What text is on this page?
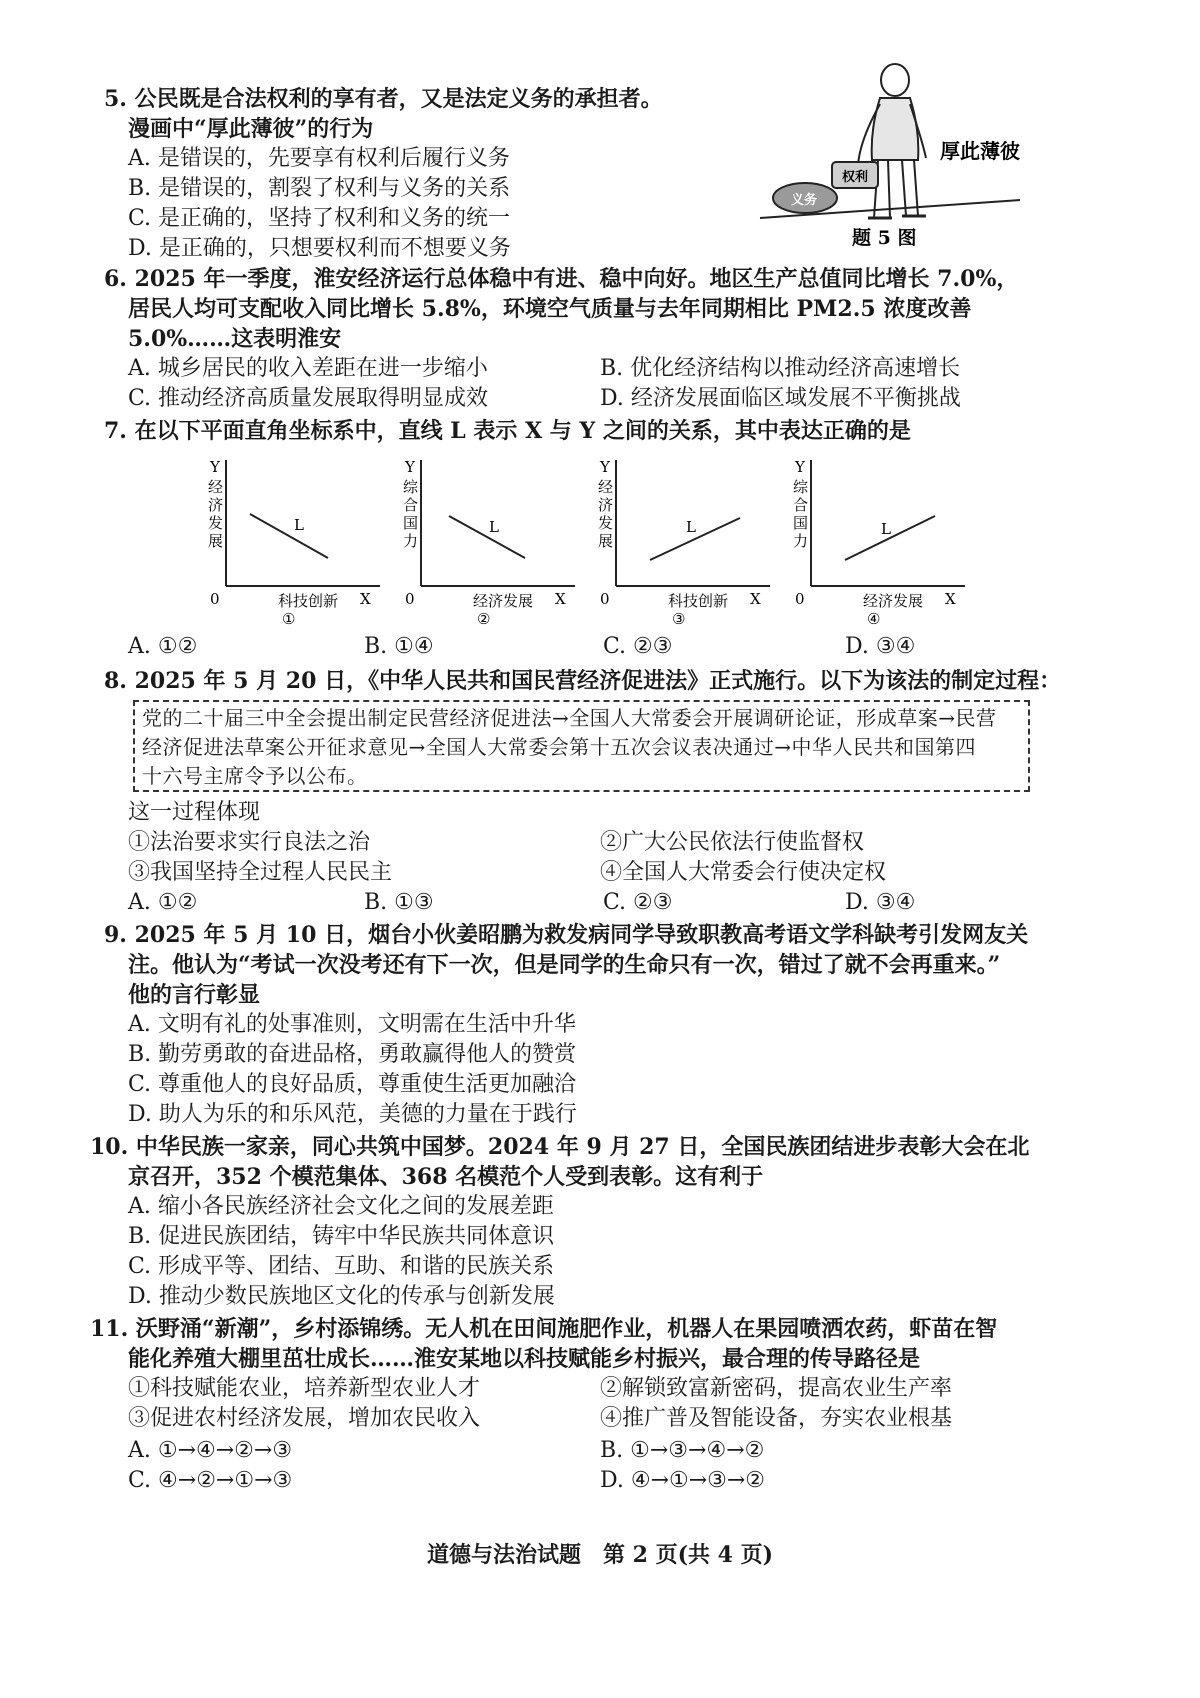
5. 公民既是合法权利的享有者，又是法定义务的承担者。
漫画中“厚此薄彼”的行为
A. 是错误的，先要享有权利后履行义务
B. 是错误的，割裂了权利与义务的关系
C. 是正确的，坚持了权利和义务的统一
D. 是正确的，只想要权利而不想要义务
权利
义务
厚此薄彼
题 5 图
6. 2025 年一季度，淮安经济运行总体稳中有进、稳中向好。地区生产总值同比增长 7.0%，
居民人均可支配收入同比增长 5.8%，环境空气质量与去年同期相比 PM2.5 浓度改善
5.0%……这表明淮安
A. 城乡居民的收入差距在进一步缩小	B. 优化经济结构以推动经济高速增长
C. 推动经济高质量发展取得明显成效	D. 经济发展面临区域发展不平衡挑战
7. 在以下平面直角坐标系中，直线 L 表示 X 与 Y 之间的关系，其中表达正确的是
Y
X
0
经
济
发
展
L
科技创新
①
Y
X
0
综
合
国
力
L
经济发展
②
Y
X
0
经
济
发
展
L
科技创新
③
Y
X
0
综
合
国
力
L
经济发展
④
A. ①②	B. ①④	C. ②③	D. ③④
8. 2025 年 5 月 20 日，《中华人民共和国民营经济促进法》正式施行。以下为该法的制定过程：
党的二十届三中全会提出制定民营经济促进法→全国人大常委会开展调研论证，形成草案→民营
经济促进法草案公开征求意见→全国人大常委会第十五次会议表决通过→中华人民共和国第四
十六号主席令予以公布。
这一过程体现
①法治要求实行良法之治	②广大公民依法行使监督权
③我国坚持全过程人民民主	④全国人大常委会行使决定权
A. ①②	B. ①③	C. ②③	D. ③④
9. 2025 年 5 月 10 日，烟台小伙姜昭鹏为救发病同学导致职教高考语文学科缺考引发网友关
注。他认为“考试一次没考还有下一次，但是同学的生命只有一次，错过了就不会再重来。”
他的言行彰显
A. 文明有礼的处事准则，文明需在生活中升华
B. 勤劳勇敢的奋进品格，勇敢赢得他人的赞赏
C. 尊重他人的良好品质，尊重使生活更加融洽
D. 助人为乐的和乐风范，美德的力量在于践行
10. 中华民族一家亲，同心共筑中国梦。2024 年 9 月 27 日，全国民族团结进步表彰大会在北
京召开，352 个模范集体、368 名模范个人受到表彰。这有利于
A. 缩小各民族经济社会文化之间的发展差距
B. 促进民族团结，铸牢中华民族共同体意识
C. 形成平等、团结、互助、和谐的民族关系
D. 推动少数民族地区文化的传承与创新发展
11. 沃野涌“新潮”，乡村添锦绣。无人机在田间施肥作业，机器人在果园喷洒农药，虾苗在智
能化养殖大棚里茁壮成长……淮安某地以科技赋能乡村振兴，最合理的传导路径是
①科技赋能农业，培养新型农业人才	②解锁致富新密码，提高农业生产率
③促进农村经济发展，增加农民收入	④推广普及智能设备，夯实农业根基
A. ①→④→②→③	B. ①→③→④→②
C. ④→②→①→③	D. ④→①→③→②
道德与法治试题　第 2 页(共 4 页)
